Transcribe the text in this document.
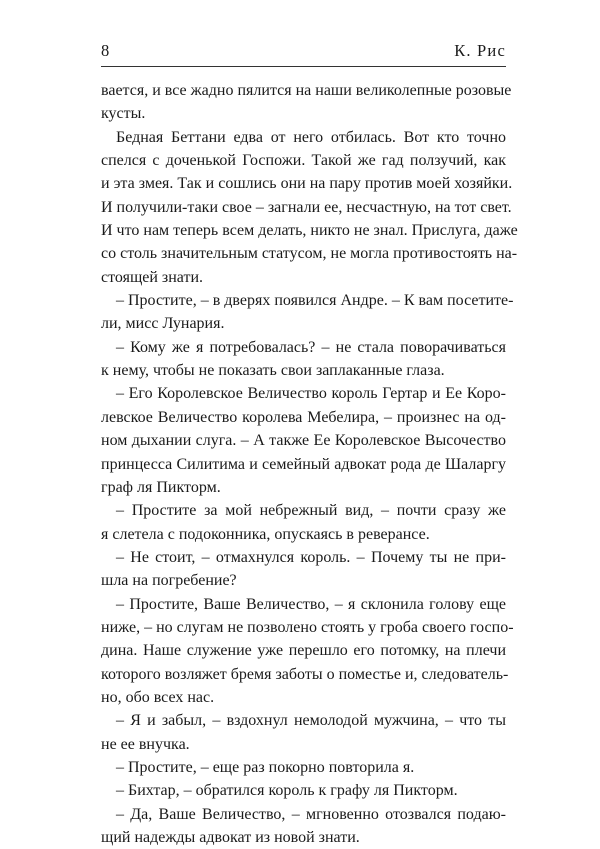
8	К. Рис
вается, и все жадно пялится на наши великолепные розовые
кусты.
Бедная Беттани едва от него отбилась. Вот кто точно
спелся с доченькой Госпожи. Такой же гад ползучий, как
и эта змея. Так и сошлись они на пару против моей хозяйки.
И получили-таки свое – загнали ее, несчастную, на тот свет.
И что нам теперь всем делать, никто не знал. Прислуга, даже
со столь значительным статусом, не могла противостоять на-
стоящей знати.
– Простите, – в дверях появился Андре. – К вам посетите-
ли, мисс Лунария.
– Кому же я потребовалась? – не стала поворачиваться
к нему, чтобы не показать свои заплаканные глаза.
– Его Королевское Величество король Гертар и Ее Коро-
левское Величество королева Мебелира, – произнес на од-
ном дыхании слуга. – А также Ее Королевское Высочество
принцесса Силитима и семейный адвокат рода де Шаларгу
граф ля Пикторм.
– Простите за мой небрежный вид, – почти сразу же
я слетела с подоконника, опускаясь в реверансе.
– Не стоит, – отмахнулся король. – Почему ты не при-
шла на погребение?
– Простите, Ваше Величество, – я склонила голову еще
ниже, – но слугам не позволено стоять у гроба своего госпо-
дина. Наше служение уже перешло его потомку, на плечи
которого возляжет бремя заботы о поместье и, следователь-
но, обо всех нас.
– Я и забыл, – вздохнул немолодой мужчина, – что ты
не ее внучка.
– Простите, – еще раз покорно повторила я.
– Бихтар, – обратился король к графу ля Пикторм.
– Да, Ваше Величество, – мгновенно отозвался подаю-
щий надежды адвокат из новой знати.
